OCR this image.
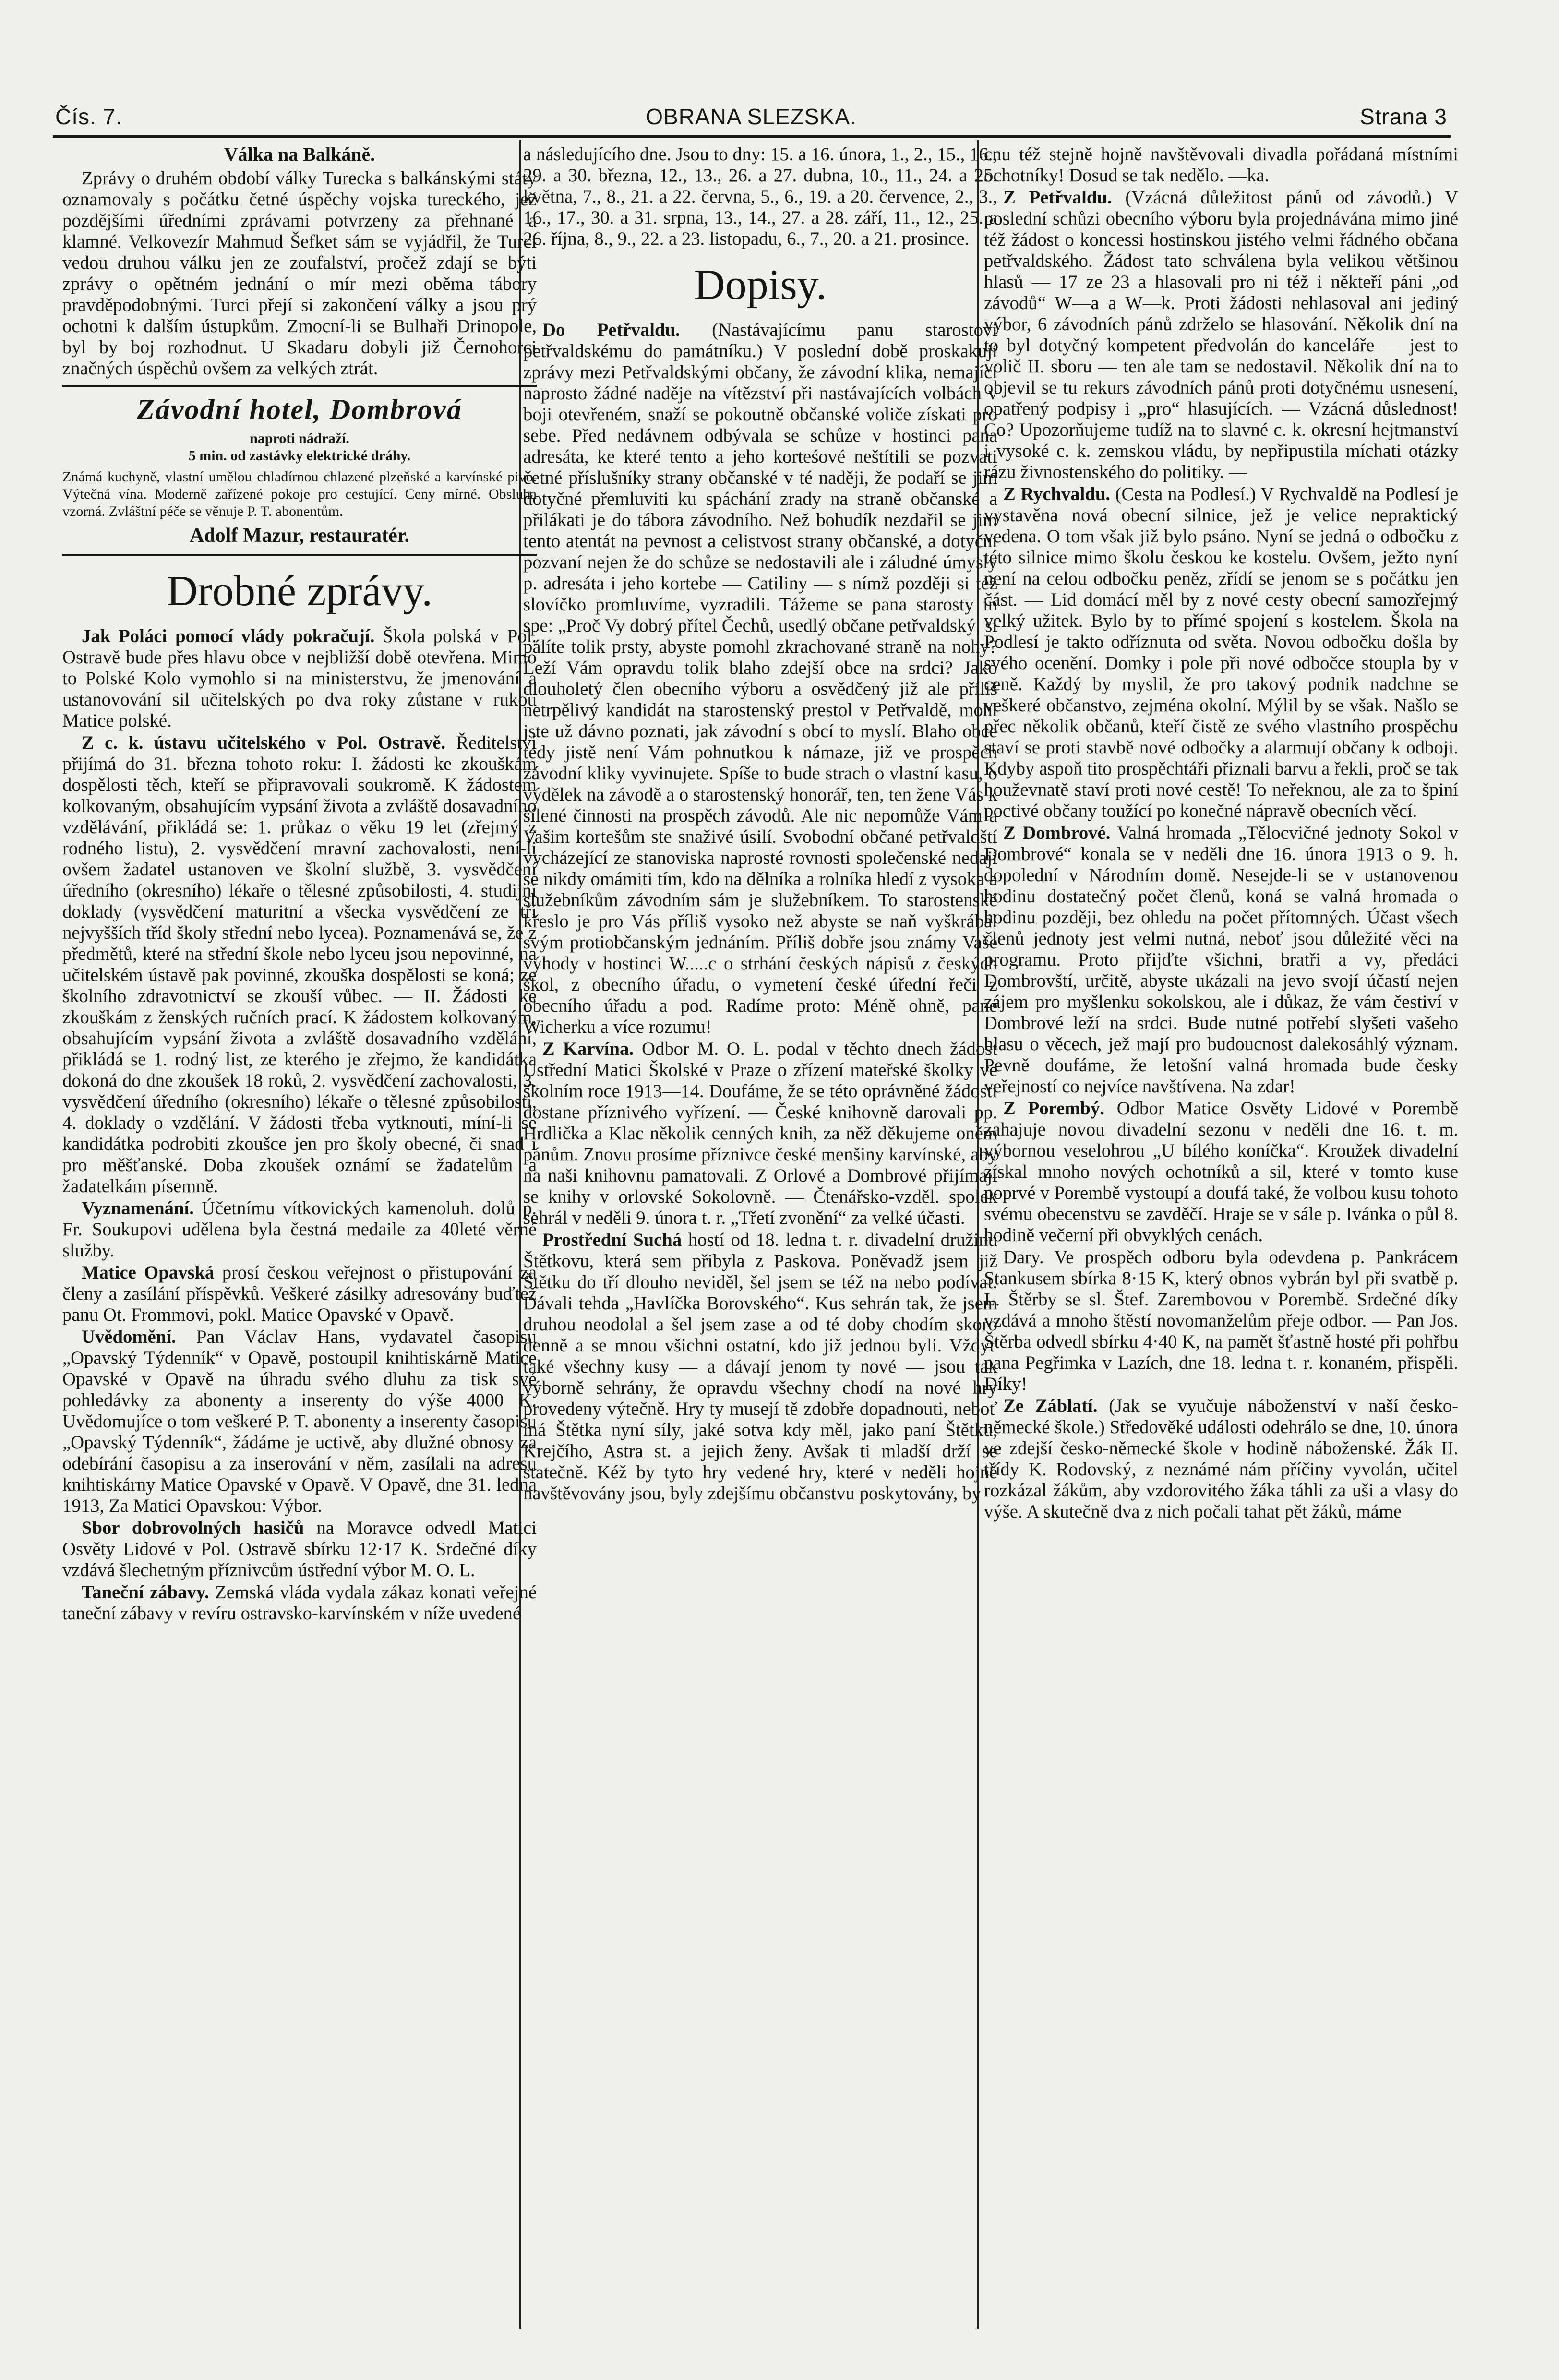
Čís. 7.	OBRANA SLEZSKA.	Strana 3

Válka na Balkáně.

Zprávy o druhém období války Turecka s balkánskými státy oznamovaly s počátku četné úspěchy vojska tureckého, jež pozdějšími úředními zprávami potvrzeny za přehnané a klamné. Velkovezír Mahmud Šefket sám se vyjádřil, že Turci vedou druhou válku jen ze zoufalství, pročež zdají se býti zprávy o opětném jednání o mír mezi oběma tábory pravděpodobnými. Turci přejí si zakončení války a jsou prý ochotni k dalším ústupkům. Zmocní-li se Bulhaři Drinopole, byl by boj rozhodnut. U Skadaru dobyli již Černohorci značných úspěchů ovšem za velkých ztrát.

Závodní hotel, Dombrová

naproti nádraží.

5 min. od zastávky elektrické dráhy.

Známá kuchyně, vlastní umělou chladírnou chlazené plzeňské a karvínské pivo. Výtečná vína. Moderně zařízené pokoje pro cestující. Ceny mírné. Obsluha vzorná. Zvláštní péče se věnuje P. T. abonentům.

Adolf Mazur, restauratér.

Drobné zprávy.

Jak Poláci pomocí vlády pokračují. Škola polská v Pol. Ostravě bude přes hlavu obce v nejbližší době otevřena. Mimo to Polské Kolo vymohlo si na ministerstvu, že jmenování a ustanovování sil učitelských po dva roky zůstane v rukou Matice polské.

Z c. k. ústavu učitelského v Pol. Ostravě. Ředitelství přijímá do 31. března tohoto roku: I. žádosti ke zkouškám dospělosti těch, kteří se připravovali soukromě. K žádostem kolkovaným, obsahujícím vypsání života a zvláště dosavadního vzdělávání, přikládá se: 1. průkaz o věku 19 let (zřejmý z rodného listu), 2. vysvědčení mravní zachovalosti, není-li ovšem žadatel ustanoven ve školní službě, 3. vysvědčení úředního (okresního) lékaře o tělesné způsobilosti, 4. studijní doklady (vysvědčení maturitní a všecka vysvědčení ze tří nejvyšších tříd školy střední nebo lycea). Poznamenává se, že z předmětů, které na střední škole nebo lyceu jsou nepovinné, na učitelském ústavě pak povinné, zkouška dospělosti se koná; ze školního zdravotnictví se zkouší vůbec. — II. Žádosti ke zkouškám z ženských ručních prací. K žádostem kolkovaným, obsahujícím vypsání života a zvláště dosavadního vzdělání, přikládá se 1. rodný list, ze kterého je zřejmo, že kandidátka dokoná do dne zkoušek 18 roků, 2. vysvědčení zachovalosti, 3. vysvědčení úředního (okresního) lékaře o tělesné způsobilosti, 4. doklady o vzdělání. V žádosti třeba vytknouti, míní-li se kandidátka podrobiti zkoušce jen pro školy obecné, či snad i pro měšťanské. Doba zkoušek oznámí se žadatelům a žadatelkám písemně.

Vyznamenání. Účetnímu vítkovických kamenoluh. dolů p. Fr. Soukupovi udělena byla čestná medaile za 40leté věrné služby.

Matice Opavská prosí českou veřejnost o přistupování za členy a zasílání příspěvků. Veškeré zásilky adresovány buďtež panu Ot. Frommovi, pokl. Matice Opavské v Opavě.

Uvědomění. Pan Václav Hans, vydavatel časopisu „Opavský Týdenník“ v Opavě, postoupil knihtiskárně Matice Opavské v Opavě na úhradu svého dluhu za tisk své pohledávky za abonenty a inserenty do výše 4000 K. Uvědomujíce o tom veškeré P. T. abonenty a inserenty časopisu „Opavský Týdenník“, žádáme je uctivě, aby dlužné obnosy za odebírání časopisu a za inserování v něm, zasílali na adresu knihtiskárny Matice Opavské v Opavě. V Opavě, dne 31. ledna 1913, Za Matici Opavskou: Výbor.

Sbor dobrovolných hasičů na Moravce odvedl Matici Osvěty Lidové v Pol. Ostravě sbírku 12·17 K. Srdečné díky vzdává šlechetným příznivcům ústřední výbor M. O. L.

Taneční zábavy. Zemská vláda vydala zákaz konati veřejné taneční zábavy v revíru ostravsko-karvínském v níže uvedené

a následujícího dne. Jsou to dny: 15. a 16. února, 1., 2., 15., 16., 29. a 30. března, 12., 13., 26. a 27. dubna, 10., 11., 24. a 25. května, 7., 8., 21. a 22. června, 5., 6., 19. a 20. července, 2., 3., 16., 17., 30. a 31. srpna, 13., 14., 27. a 28. září, 11., 12., 25. a 26. října, 8., 9., 22. a 23. listopadu, 6., 7., 20. a 21. prosince.

Dopisy.

Do Petřvaldu. (Nastávajícímu panu starostovi petřvaldskému do památníku.) V poslední době proskakují zprávy mezi Petřvaldskými občany, že závodní klika, nemající naprosto žádné naděje na vítězství při nastávajících volbách v boji otevřeném, snaží se pokoutně občanské voliče získati pro sebe. Před nedávnem odbývala se schůze v hostinci pana adresáta, ke které tento a jeho korteśové neštítili se pozvati četné příslušníky strany občanské v té naději, že podaří se jim dotyčné přemluviti ku spáchání zrady na straně občanské a přilákati je do tábora závodního. Než bohudík nezdařil se jim tento atentát na pevnost a celistvost strany občanské, a dotyční pozvaní nejen že do schůze se nedostavili ale i záludné úmysly p. adresáta i jeho kortebe — Catiliny — s nímž později si též slovíčko promluvíme, vyzradili. Tážeme se pana starosty in spe: „Proč Vy dobrý přítel Čechů, usedlý občane petřvaldský, si pálíte tolik prsty, abyste pomohl zkrachované straně na nohy? Leží Vám opravdu tolik blaho zdejší obce na srdci? Jako dlouholetý člen obecního výboru a osvědčený již ale příliš netrpělivý kandidát na starostenský prestol v Petřvaldě, mohl jste už dávno poznati, jak závodní s obcí to myslí. Blaho obce tedy jistě není Vám pohnutkou k námaze, již ve prospěch závodní kliky vyvinujete. Spíše to bude strach o vlastní kasu, o výdělek na závodě a o starostenský honorář, ten, ten žene Vás k šílené činnosti na prospěch závodů. Ale nic nepomůže Vám a Vašim kortešům ste snaživé úsilí. Svobodní občané petřvaldští vycházející ze stanoviska naprosté rovnosti společenské nedají se nikdy omámiti tím, kdo na dělníka a rolníka hledí z vysoka a služebníkům závodním sám je služebníkem. To starostenské křeslo je pro Vás příliš vysoko než abyste se naň vyškrábal svým protiobčanským jednáním. Příliš dobře jsou známy Vaše výhody v hostinci W.....c o strhání českých nápisů z českých škol, z obecního úřadu, o vymetení české úřední řeči z obecního úřadu a pod. Radíme proto: Méně ohně, pane Wicherku a více rozumu!

Z Karvína. Odbor M. O. L. podal v těchto dnech žádost Ústřední Matici Školské v Praze o zřízení mateřské školky ve školním roce 1913—14. Doufáme, že se této oprávněné žádosti dostane příznivého vyřízení. — České knihovně darovali pp. Hrdlička a Klac několik cenných knih, za něž děkujeme oněm pánům. Znovu prosíme příznivce české menšiny karvínské, aby na naši knihovnu pamatovali. Z Orlové a Dombrové přijímají se knihy v orlovské Sokolovně. — Čtenářsko-vzděl. spolek sehrál v neděli 9. února t. r. „Třetí zvonění“ za velké účasti.

Prostřední Suchá hostí od 18. ledna t. r. divadelní družinu Štětkovu, která sem přibyla z Paskova. Poněvadž jsem již Štětku do tří dlouho neviděl, šel jsem se též na nebo podívat. Dávali tehda „Havlíčka Borovského“. Kus sehrán tak, že jsem druhou neodolal a šel jsem zase a od té doby chodím skoro denně a se mnou všichni ostatní, kdo již jednou byli. Vždyť také všechny kusy — a dávají jenom ty nové — jsou tak výborně sehrány, že opravdu všechny chodí na nové hry provedeny výtečně. Hry ty musejí tě zdobře dopadnouti, neboť má Štětka nyní síly, jaké sotva kdy měl, jako paní Štětku, Krejčího, Astra st. a jejich ženy. Avšak ti mladší drží se statečně. Kéž by tyto hry vedené hry, které v neděli hojně navštěvovány jsou, byly zdejšímu občanstvu poskytovány, by

cnu též stejně hojně navštěvovali divadla pořádaná místními ochotníky! Dosud se tak nedělo. —ka.

Z Petřvaldu. (Vzácná důležitost pánů od závodů.) V poslední schůzi obecního výboru byla projednávána mimo jiné též žádost o koncessi hostinskou jistého velmi řádného občana petřvaldského. Žádost tato schválena byla velikou většinou hlasů — 17 ze 23 a hlasovali pro ni též i někteří páni „od závodů“ W—a a W—k. Proti žádosti nehlasoval ani jediný výbor, 6 závodních pánů zdrželo se hlasování. Několik dní na to byl dotyčný kompetent předvolán do kanceláře — jest to volič II. sboru — ten ale tam se nedostavil. Několik dní na to objevil se tu rekurs závodních pánů proti dotyčnému usnesení, opatřený podpisy i „pro“ hlasujících. — Vzácná důslednost! Co? Upozorňujeme tudíž na to slavné c. k. okresní hejtmanství i vysoké c. k. zemskou vládu, by nepřipustila míchati otázky rázu živnostenského do politiky. —

Z Rychvaldu. (Cesta na Podlesí.) V Rychvaldě na Podlesí je vystavěna nová obecní silnice, jež je velice nepraktický vedena. O tom však již bylo psáno. Nyní se jedná o odbočku z této silnice mimo školu českou ke kostelu. Ovšem, ježto nyní není na celou odbočku peněz, zřídí se jenom se s počátku jen část. — Lid domácí měl by z nové cesty obecní samozřejmý velký užitek. Bylo by to přímé spojení s kostelem. Škola na Podlesí je takto odříznuta od světa. Novou odbočku došla by svého ocenění. Domky i pole při nové odbočce stoupla by v ceně. Každý by myslil, že pro takový podnik nadchne se veškeré občanstvo, zejména okolní. Mýlil by se však. Našlo se přec několik občanů, kteří čistě ze svého vlastního prospěchu staví se proti stavbě nové odbočky a alarmují občany k odboji. Kdyby aspoň tito prospěchtáři přiznali barvu a řekli, proč se tak houževnatě staví proti nové cestě! To neřeknou, ale za to špiní poctivé občany toužící po konečné nápravě obecních věcí.

Z Dombrové. Valná hromada „Tělocvičné jednoty Sokol v Dombrové“ konala se v neděli dne 16. února 1913 o 9. h. dopolední v Národním domě. Nesejde-li se v ustanovenou hodinu dostatečný počet členů, koná se valná hromada o hodinu později, bez ohledu na počet přítomných. Účast všech členů jednoty jest velmi nutná, neboť jsou důležité věci na programu. Proto přijďte všichni, bratři a vy, předáci Dombrovští, určitě, abyste ukázali na jevo svojí účastí nejen zájem pro myšlenku sokolskou, ale i důkaz, že vám čestiví v Dombrové leží na srdci. Bude nutné potřebí slyšeti vašeho hlasu o věcech, jež mají pro budoucnost dalekosáhlý význam. Pevně doufáme, že letošní valná hromada bude česky veřejností co nejvíce navštívena. Na zdar!

Z Porembý. Odbor Matice Osvěty Lidové v Porembě zahajuje novou divadelní sezonu v neděli dne 16. t. m. výbornou veselohrou „U bílého koníčka“. Kroužek divadelní získal mnoho nových ochotníků a sil, které v tomto kuse poprvé v Porembě vystoupí a doufá také, že volbou kusu tohoto svému obecenstvu se zavděčí. Hraje se v sále p. Ivánka o půl 8. hodině večerní při obvyklých cenách.

Dary. Ve prospěch odboru byla odevdena p. Pankrácem Stankusem sbírka 8·15 K, který obnos vybrán byl při svatbě p. L. Štěrby se sl. Štef. Zarembovou v Porembě. Srdečné díky vzdává a mnoho štěstí novomanželům přeje odbor. — Pan Jos. Štěrba odvedl sbírku 4·40 K, na pamět šťastně hosté při pohřbu pana Pegřimka v Lazích, dne 18. ledna t. r. konaném, přispěli. Díky!

Ze Záblatí. (Jak se vyučuje náboženství v naší česko-německé škole.) Středověké události odehrálo se dne, 10. února ve zdejší česko-německé škole v hodině náboženské. Žák II. třídy K. Rodovský, z neznámé nám příčiny vyvolán, učitel rozkázal žákům, aby vzdorovitého žáka táhli za uši a vlasy do výše. A skutečně dva z nich počali tahat pět žáků, máme
